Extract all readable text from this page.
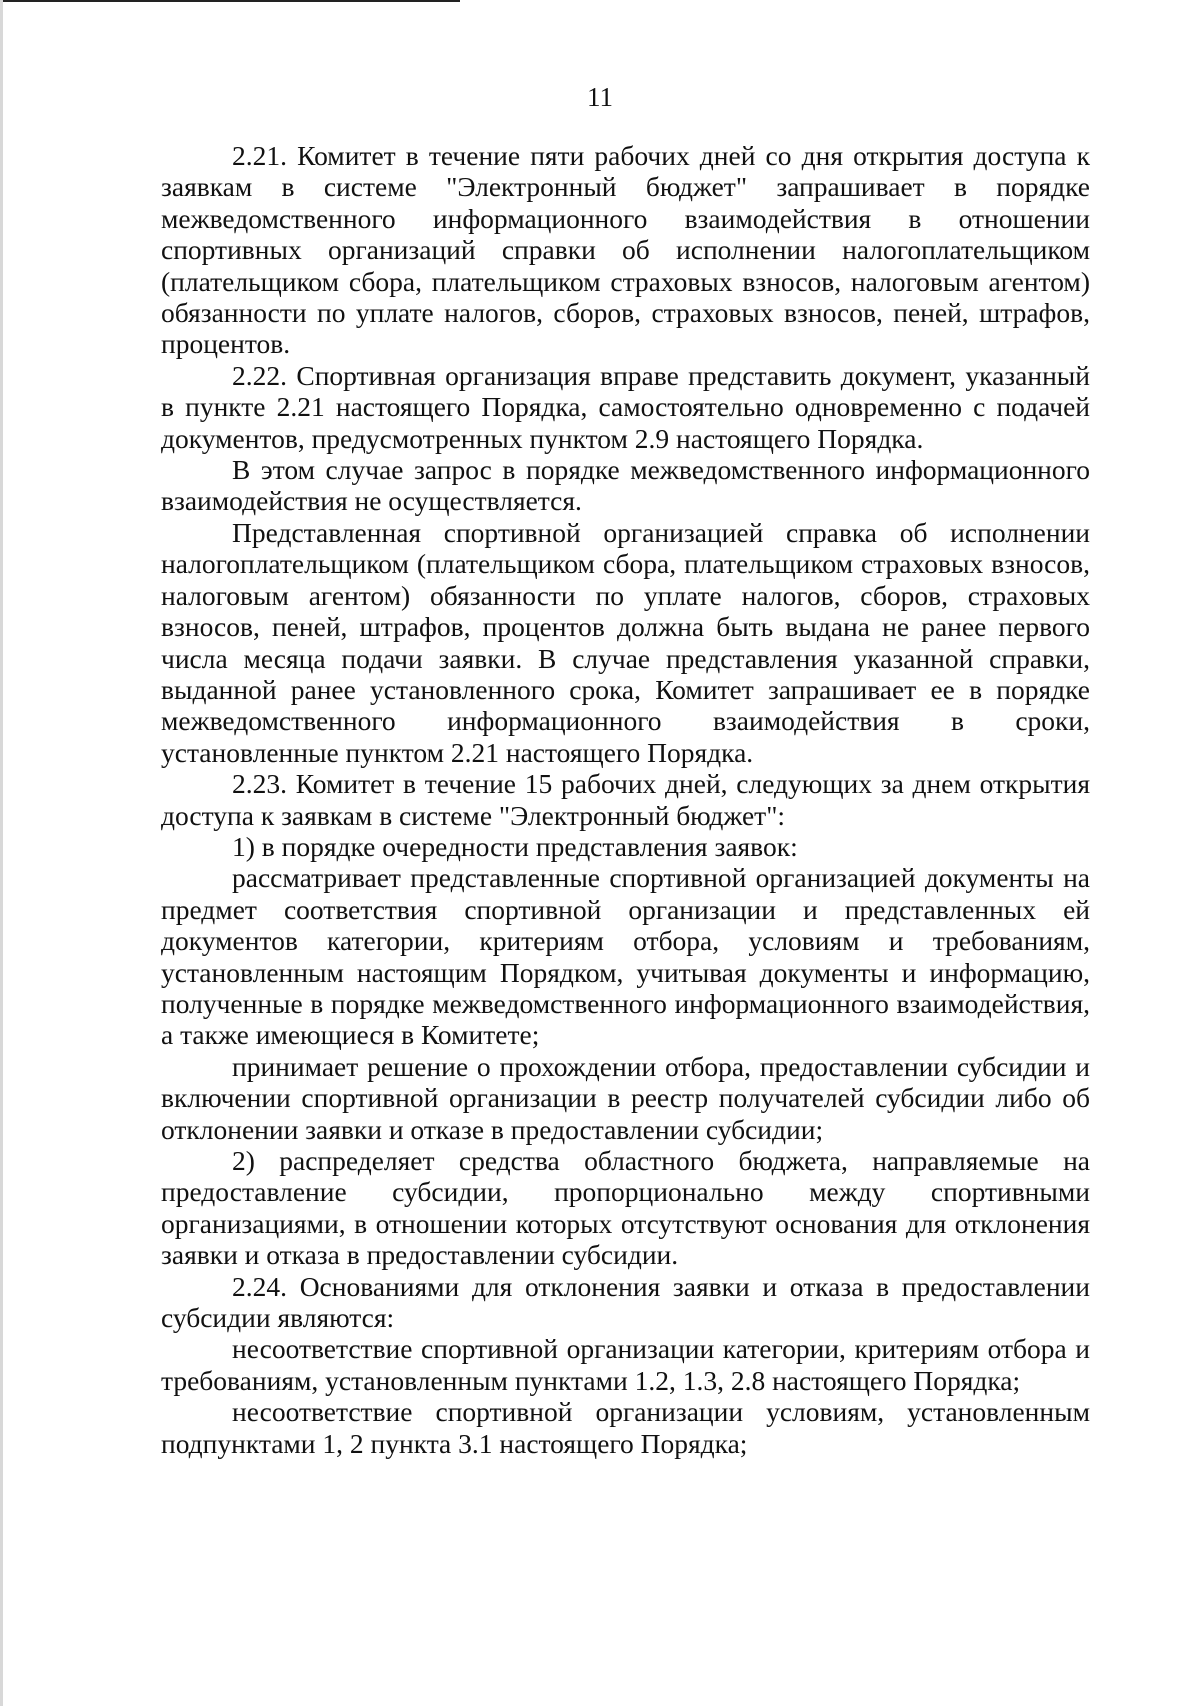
11

2.21. Комитет в течение пяти рабочих дней со дня открытия доступа к заявкам в системе "Электронный бюджет" запрашивает в порядке межведомственного информационного взаимодействия в отношении спортивных организаций справки об исполнении налогоплательщиком (плательщиком сбора, плательщиком страховых взносов, налоговым агентом) обязанности по уплате налогов, сборов, страховых взносов, пеней, штрафов, процентов.

2.22. Спортивная организация вправе представить документ, указанный в пункте 2.21 настоящего Порядка, самостоятельно одновременно с подачей документов, предусмотренных пунктом 2.9 настоящего Порядка.

В этом случае запрос в порядке межведомственного информационного взаимодействия не осуществляется.

Представленная спортивной организацией справка об исполнении налогоплательщиком (плательщиком сбора, плательщиком страховых взносов, налоговым агентом) обязанности по уплате налогов, сборов, страховых взносов, пеней, штрафов, процентов должна быть выдана не ранее первого числа месяца подачи заявки. В случае представления указанной справки, выданной ранее установленного срока, Комитет запрашивает ее в порядке межведомственного информационного взаимодействия в сроки, установленные пунктом 2.21 настоящего Порядка.

2.23. Комитет в течение 15 рабочих дней, следующих за днем открытия доступа к заявкам в системе "Электронный бюджет":

1) в порядке очередности представления заявок:

рассматривает представленные спортивной организацией документы на предмет соответствия спортивной организации и представленных ей документов категории, критериям отбора, условиям и требованиям, установленным настоящим Порядком, учитывая документы и информацию, полученные в порядке межведомственного информационного взаимодействия, а также имеющиеся в Комитете;

принимает решение о прохождении отбора, предоставлении субсидии и включении спортивной организации в реестр получателей субсидии либо об отклонении заявки и отказе в предоставлении субсидии;

2) распределяет средства областного бюджета, направляемые на предоставление субсидии, пропорционально между спортивными организациями, в отношении которых отсутствуют основания для отклонения заявки и отказа в предоставлении субсидии.

2.24. Основаниями для отклонения заявки и отказа в предоставлении субсидии являются:

несоответствие спортивной организации категории, критериям отбора и требованиям, установленным пунктами 1.2, 1.3, 2.8 настоящего Порядка;

несоответствие спортивной организации условиям, установленным подпунктами 1, 2 пункта 3.1 настоящего Порядка;
